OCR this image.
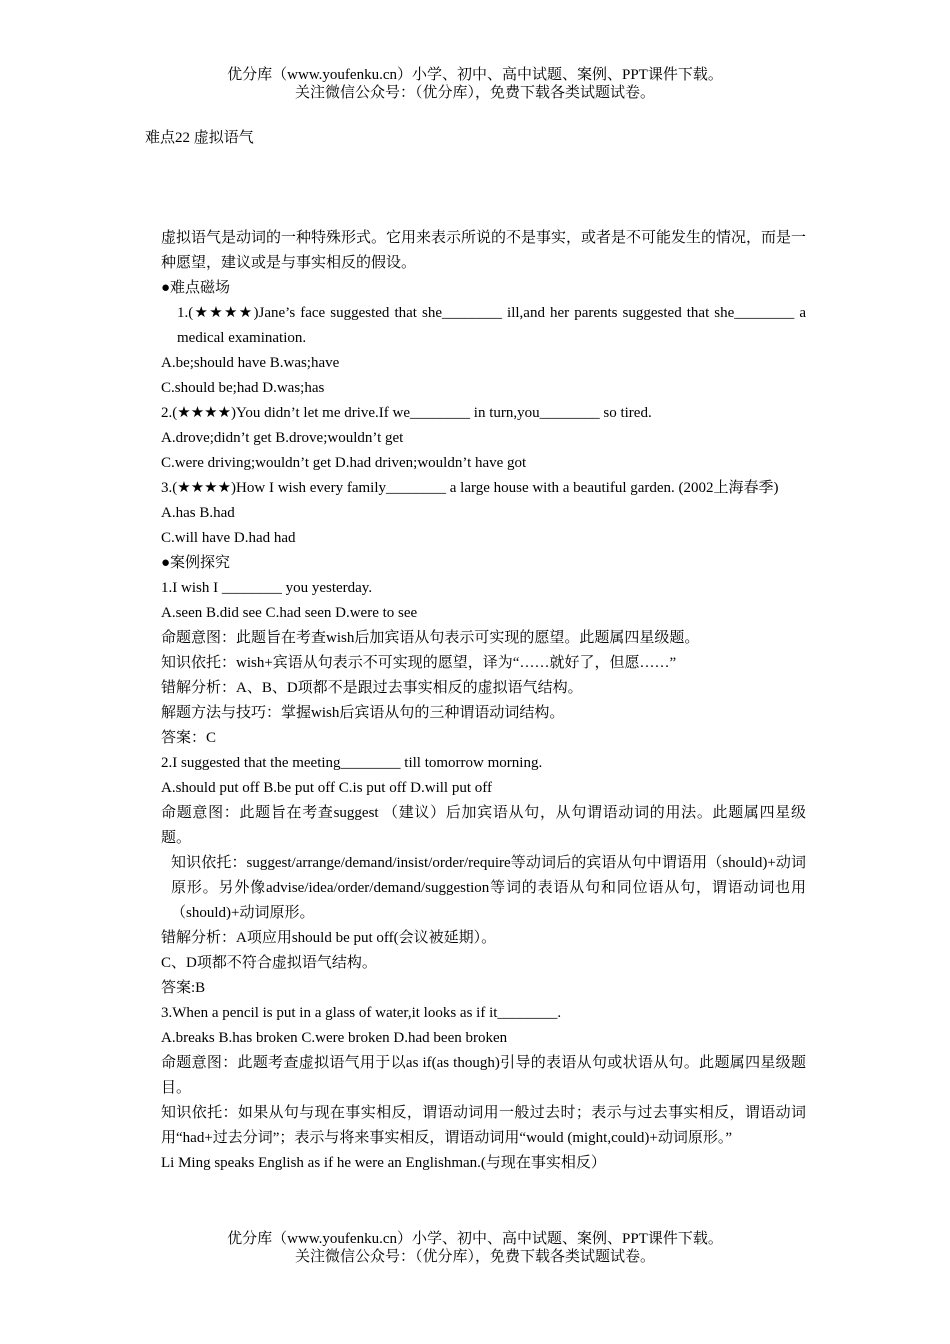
优分库（www.youfenku.cn）小学、初中、高中试题、案例、PPT课件下载。
关注微信公众号：（优分库），免费下载各类试题试卷。
难点22 虚拟语气

虚拟语气是动词的一种特殊形式。它用来表示所说的不是事实，或者是不可能发生的情况，而是一种愿望，建议或是与事实相反的假设。

●难点磁场

1.(★★★★)Jane’s face suggested that she________ ill,and her parents suggested that she________ a medical examination.

A.be;should have B.was;have

C.should be;had D.was;has

2.(★★★★)You didn’t let me drive.If we________ in turn,you________ so tired.

A.drove;didn’t get B.drove;wouldn’t get

C.were driving;wouldn’t get D.had driven;wouldn’t have got

3.(★★★★)How I wish every family________ a large house with a beautiful garden. (2002上海春季)

A.has B.had

C.will have D.had had

●案例探究

1.I wish I ________ you yesterday.

A.seen B.did see C.had seen D.were to see

命题意图：此题旨在考查wish后加宾语从句表示可实现的愿望。此题属四星级题。

知识依托：wish+宾语从句表示不可实现的愿望，译为“……就好了，但愿……”

错解分析：A、B、D项都不是跟过去事实相反的虚拟语气结构。

解题方法与技巧：掌握wish后宾语从句的三种谓语动词结构。

答案：C

2.I suggested that the meeting________ till tomorrow morning.

A.should put off B.be put off C.is put off D.will put off

命题意图：此题旨在考查suggest （建议）后加宾语从句，从句谓语动词的用法。此题属四星级题。

知识依托：suggest/arrange/demand/insist/order/require等动词后的宾语从句中谓语用（should)+动词原形。另外像advise/idea/order/demand/suggestion等词的表语从句和同位语从句，谓语动词也用（should)+动词原形。

错解分析：A项应用should be put off(会议被延期）。

C、D项都不符合虚拟语气结构。

答案:B

3.When a pencil is put in a glass of water,it looks as if it________.

A.breaks B.has broken C.were broken D.had been broken

命题意图：此题考查虚拟语气用于以as if(as though)引导的表语从句或状语从句。此题属四星级题目。

知识依托：如果从句与现在事实相反，谓语动词用一般过去时；表示与过去事实相反，谓语动词用“had+过去分词”；表示与将来事实相反，谓语动词用“would (might,could)+动词原形。”

Li Ming speaks English as if he were an Englishman.(与现在事实相反）

优分库（www.youfenku.cn）小学、初中、高中试题、案例、PPT课件下载。
关注微信公众号：（优分库），免费下载各类试题试卷。
